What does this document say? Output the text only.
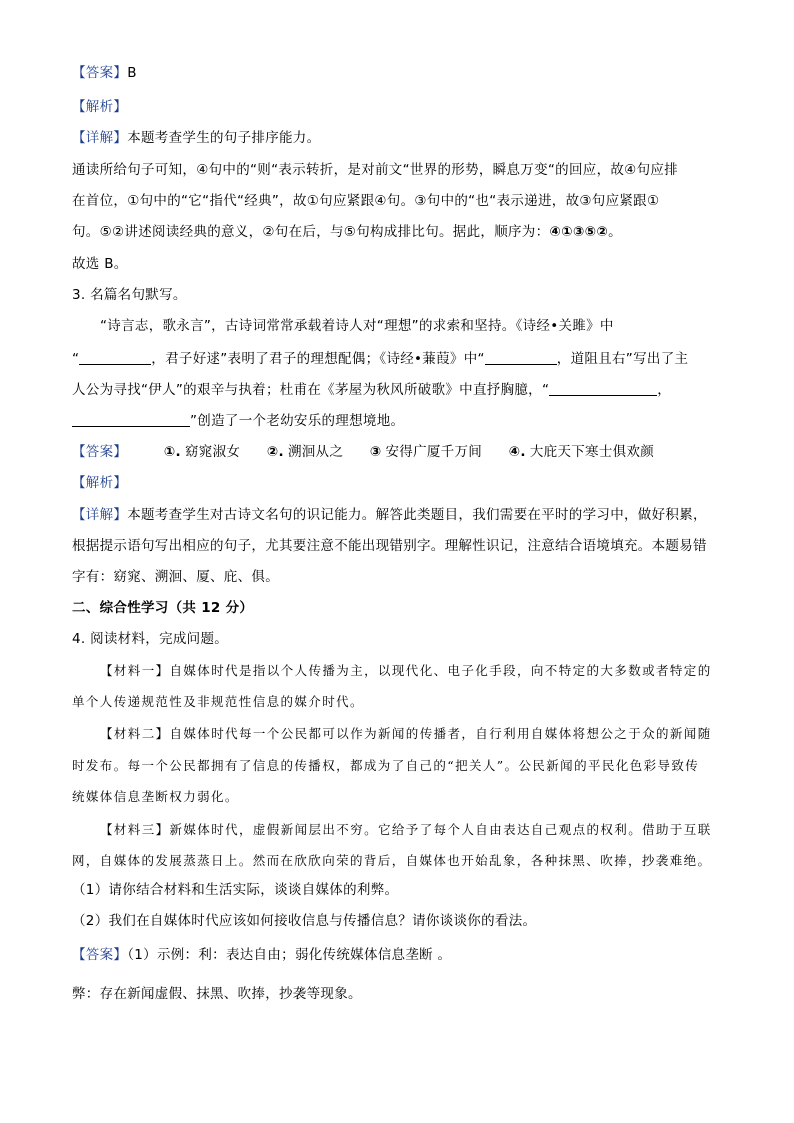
【答案】B
【解析】
【详解】本题考查学生的句子排序能力。
通读所给句子可知，④句中的“则“表示转折，是对前文“世界的形势，瞬息万变“的回应，故④句应排
在首位，①句中的“它“指代“经典”，故①句应紧跟④句。③句中的“也“表示递进，故③句应紧跟①
句。⑤②讲述阅读经典的意义，②句在后，与⑤句构成排比句。据此，顺序为：④①③⑤②。
故选 B。
3. 名篇名句默写。
“诗言志，歌永言”，古诗词常常承载着诗人对“理想”的求索和坚持。《诗经•关雎》中
“	，君子好逑”表明了君子的理想配偶；《诗经•蒹葭》中“	，道阻且右”写出了主
人公为寻找“伊人”的艰辛与执着；杜甫在《茅屋为秋风所破歌》中直抒胸臆，“	，
”创造了一个老幼安乐的理想境地。
【答案】	①. 窈窕淑女 ②. 溯洄从之 ③ 安得广厦千万间 ④. 大庇天下寒士俱欢颜
【解析】
【详解】本题考查学生对古诗文名句的识记能力。解答此类题目，我们需要在平时的学习中，做好积累，
根据提示语句写出相应的句子，尤其要注意不能出现错别字。理解性识记，注意结合语境填充。本题易错
字有：窈窕、溯洄、厦、庇、俱。
二、综合性学习（共 12 分）
4. 阅读材料，完成问题。
【材料一】自媒体时代是指以个人传播为主，以现代化、电子化手段，向不特定的大多数或者特定的
单个人传递规范性及非规范性信息的媒介时代。
【材料二】自媒体时代每一个公民都可以作为新闻的传播者，自行利用自媒体将想公之于众的新闻随
时发布。每一个公民都拥有了信息的传播权，都成为了自己的“把关人”。公民新闻的平民化色彩导致传
统媒体信息垄断权力弱化。
【材料三】新媒体时代，虚假新闻层出不穷。它给予了每个人自由表达自己观点的权利。借助于互联
网，自媒体的发展蒸蒸日上。然而在欣欣向荣的背后，自媒体也开始乱象，各种抹黑、吹捧，抄袭难绝。
（1）请你结合材料和生活实际，谈谈自媒体的利弊。
（2）我们在自媒体时代应该如何接收信息与传播信息？请你谈谈你的看法。
【答案】（1）示例：利：表达自由；弱化传统媒体信息垄断 。
弊：存在新闻虚假、抹黑、吹捧，抄袭等现象。
